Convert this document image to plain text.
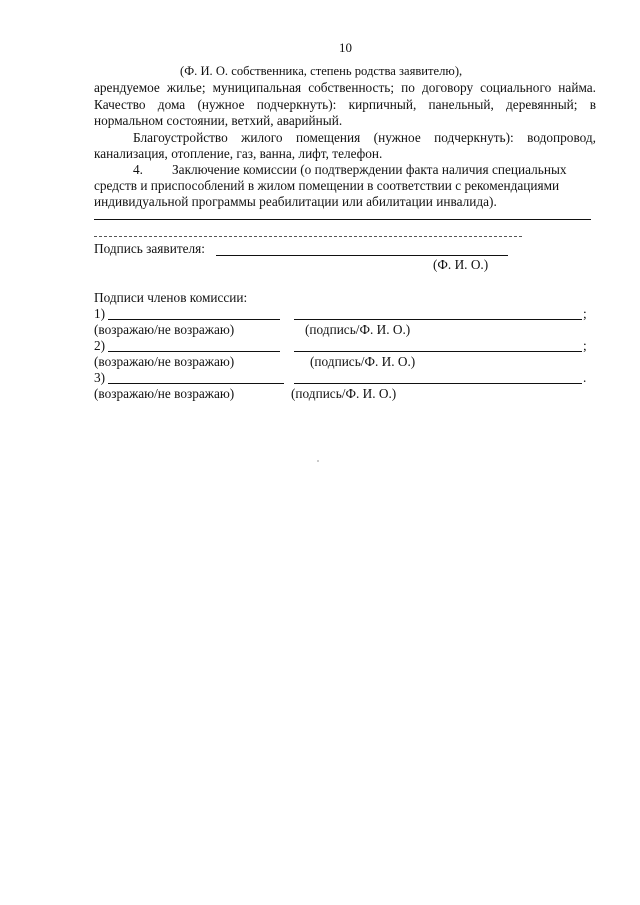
10
(Ф. И. О. собственника, степень родства заявителю),
арендуемое жилье; муниципальная собственность; по договору социального найма.
Качество дома (нужное подчеркнуть): кирпичный, панельный, деревянный; в
нормальном состоянии, ветхий, аварийный.
Благоустройство жилого помещения (нужное подчеркнуть): водопровод,
канализация, отопление, газ, ванна, лифт, телефон.
4. Заключение комиссии (о подтверждении факта наличия специальных
средств и приспособлений в жилом помещении в соответствии с рекомендациями
индивидуальной программы реабилитации или абилитации инвалида).
Подпись заявителя:
(Ф. И. О.)
Подписи членов комиссии:
1)	;
(возражаю/не возражаю)	(подпись/Ф. И. О.)
2)	;
(возражаю/не возражаю)	(подпись/Ф. И. О.)
3)	.
(возражаю/не возражаю)	(подпись/Ф. И. О.)
